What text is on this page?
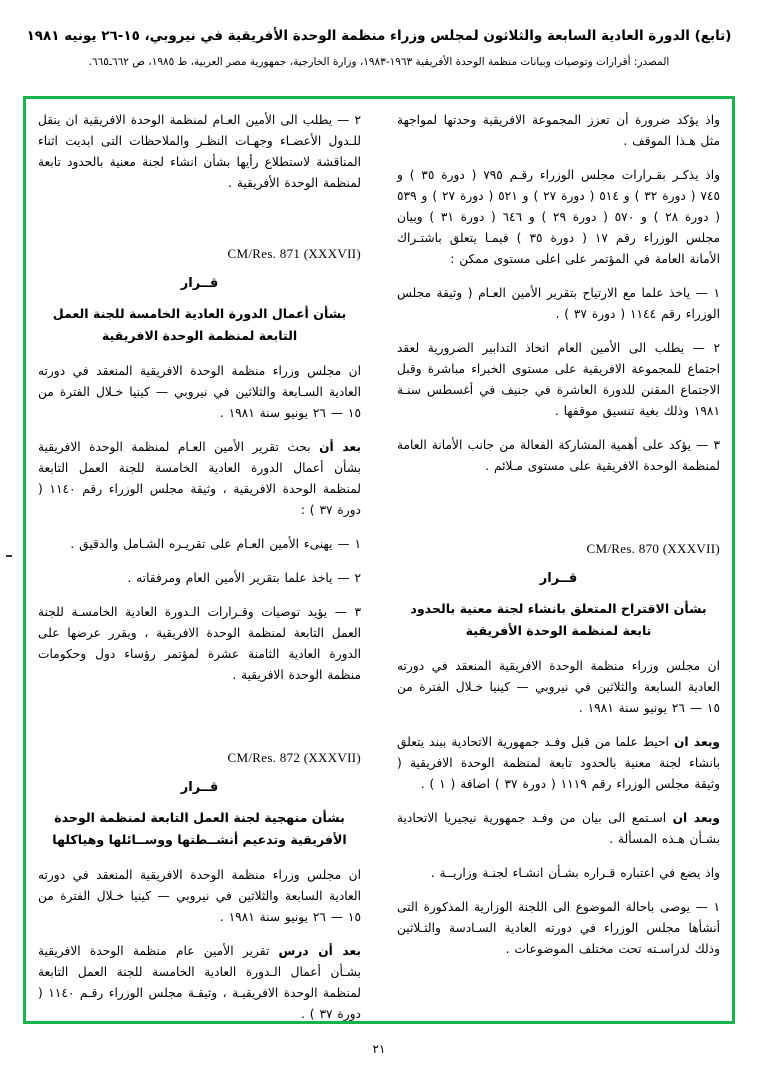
(تابع) الدورة العادية السابعة والثلاثون لمجلس وزراء منظمة الوحدة الأفريقية في نيروبي، ١٥-٢٦ يونيه ١٩٨١
المصدر: أقرارات وتوصيات وبيانات منظمة الوحدة الأفريقية ١٩٦٣-١٩٨٣، وزارة الخارجية، جمهورية مصر العربية، ط ١٩٨٥، ص ٦٦٢ـ٦٦٥.

واذ يؤكد ضرورة أن تعزز المجموعة الافريقية وحدتها لمواجهة مثل هـذا الموقف .

واذ يذكـر بقـرارات مجلس الوزراء رقـم ٧٩٥ ( دورة ٣٥ ) و ٧٤٥ ( دورة ٣٢ ) و ٥١٤ ( دورة ٢٧ ) و ٥٢١ ( دورة ٢٧ ) و ٥٣٩ ( دورة ٢٨ ) و ٥٧٠ ( دورة ٢٩ ) و ٦٤٦ ( دورة ٣١ ) وبيان مجلس الوزراء رقم ١٧ ( دورة ٣٥ ) فيمـا يتعلق باشتـراك الأمانة العامة في المؤتمر على اعلى مستوى ممكن :

١ — ياخذ علما مع الارتياح بتقرير الأمين العـام ( وثيقة مجلس الوزراء رقم ١١٤٤ ( دورة ٣٧ ) .

٢ — يطلب الى الأمين العام اتخاذ التدابير الضرورية لعقد اجتماع للمجموعة الافريقية على مستوى الخبراء مباشرة وقبل الاجتماع المقنن للدورة العاشرة في جنيف في أغسطس سنـة ١٩٨١ وذلك بغية تنسيق موقفها .

٣ — يؤكد على أهمية المشاركة الفعالة من جانب الأمانة العامة لمنظمة الوحدة الافريقية على مستوى مـلائم .

CM/Res. 870 (XXXVII)
قــرار
بشأن الاقتراح المتعلق بانشاء لجنة معنية بالحدود تابعة لمنظمة الوحدة الأفريقية

ان مجلس وزراء منظمة الوحدة الافريقية المنعقد في دورته العادية السابعة والثلاثين في نيروبي — كينيا خـلال الفترة من ١٥ — ٢٦ يونيو سنة ١٩٨١ .

وبعد ان احيط علما من قبل وفـد جمهورية الاتحادية ببند يتعلق بانشاء لجنة معنية بالحدود تابعة لمنظمة الوحدة الافريقية ( وثيقة مجلس الوزراء رقم ١١١٩ ( دورة ٣٧ ) اضافة ( ١ ) .

وبعد ان اسـتمع الى بيان من وفـد جمهورية نيجيريا الاتحادية بشـأن هـذه المسألة .

واذ يضع في اعتباره قـراره بشـأن انشـاء لجنـة وزاريــة .

١ — يوصى باحالة الموضوع الى اللجنة الوزارية المذكورة التى أنشأها مجلس الوزراء في دورته العادية السـادسة والثـلاثين وذلك لدراسـته تحت مختلف الموضوعات .

٢ — يطلب الى الأمين العـام لمنظمة الوحدة الافريقية ان ينقل للـدول الأعضـاء وجهـات النظـر والملاحظات التى ابديت اثناء المناقشة لاستطلاع رأيها بشأن انشاء لجنة معنية بالحدود تابعة لمنظمة الوحدة الأفريقية .

CM/Res. 871 (XXXVII)
قــرار
بشأن أعمال الدورة العادية الخامسة للجنة العمل التابعة لمنظمة الوحدة الافريقية

ان مجلس وزراء منظمة الوحدة الافريقية المنعقد في دورته العادية السـابعة والثلاثين في نيروبي — كينيا خـلال الفترة من ١٥ — ٢٦ يونيو سنة ١٩٨١ .

بعد أن بحث تقرير الأمين العـام لمنظمة الوحدة الافريقية بشأن أعمال الدورة العادية الخامسة للجنة العمل التابعة لمنظمة الوحدة الافريقية ، وثيقة مجلس الوزراء رقم ١١٤٠ ( دورة ٣٧ ) :

١ — يهنىء الأمين العـام على تقريـره الشـامل والدقيق .

٢ — ياخذ علما بتقرير الأمين العام ومرفقاته .

٣ — يؤيد توصيات وقـرارات الـدورة العادية الخامسـة للجنة العمل التابعة لمنظمة الوحدة الافريقية ، ويقرر عرضها على الدورة العادية الثامنة عشرة لمؤتمر رؤساء دول وحكومات منظمة الوحدة الافريقية .

CM/Res. 872 (XXXVII)
قــرار
بشأن منهجية لجنة العمل التابعة لمنظمة الوحدة الأفريقية وتدعيم أنشــطتها ووســائلها وهياكلها

ان مجلس وزراء منظمة الوحدة الافريقية المنعقد في دورته العادية السابعة والثلاثين في نيروبي — كينيا خـلال الفترة من ١٥ — ٢٦ يونيو سنة ١٩٨١ .

بعد أن درس تقرير الأمين عام منظمة الوحدة الافريقية بشـأن أعمال الـدورة العادية الخامسة للجنة العمل التابعة لمنظمة الوحدة الافريقيـة ، وثيقـة مجلس الوزراء رقـم ١١٤٠ ( دورة ٣٧ ) .

٢١
